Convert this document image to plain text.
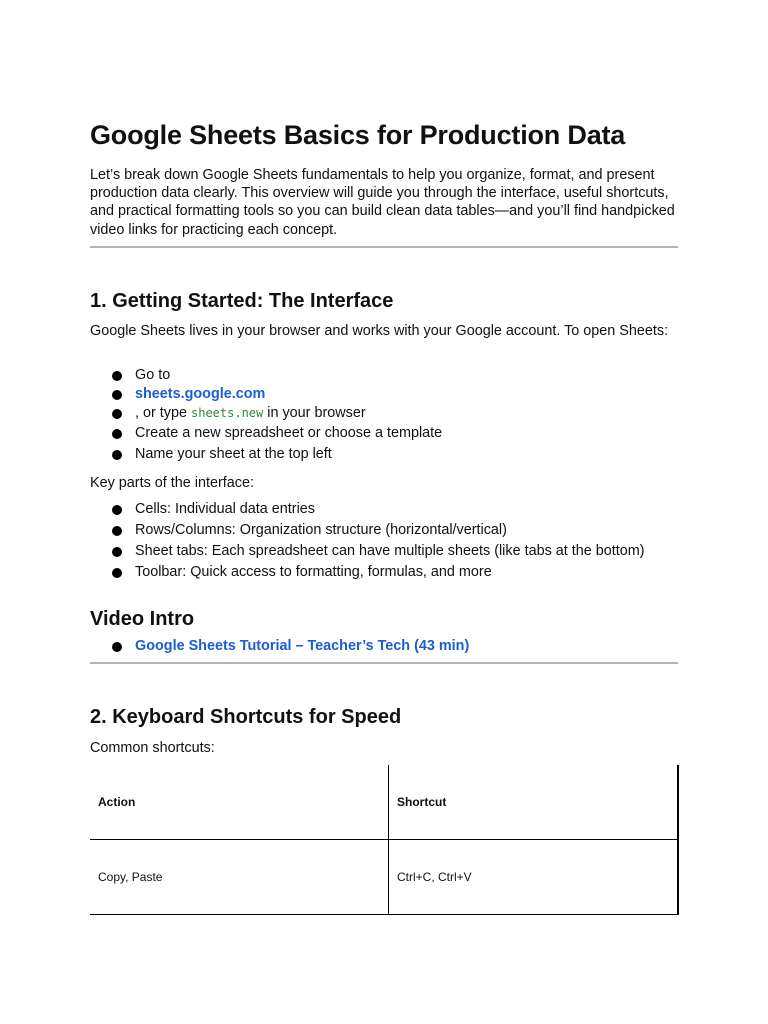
Google Sheets Basics for Production Data

Let’s break down Google Sheets fundamentals to help you organize, format, and present production data clearly. This overview will guide you through the interface, useful shortcuts, and practical formatting tools so you can build clean data tables—and you’ll find handpicked video links for practicing each concept.

1. Getting Started: The Interface

Google Sheets lives in your browser and works with your Google account. To open Sheets:

Go to
sheets.google.com
, or type sheets.new in your browser
Create a new spreadsheet or choose a template
Name your sheet at the top left

Key parts of the interface:

Cells: Individual data entries
Rows/Columns: Organization structure (horizontal/vertical)
Sheet tabs: Each spreadsheet can have multiple sheets (like tabs at the bottom)
Toolbar: Quick access to formatting, formulas, and more
Video Intro
Google Sheets Tutorial – Teacher’s Tech (43 min)
2. Keyboard Shortcuts for Speed

Common shortcuts:

Action	Shortcut
Copy, Paste	Ctrl+C, Ctrl+V
